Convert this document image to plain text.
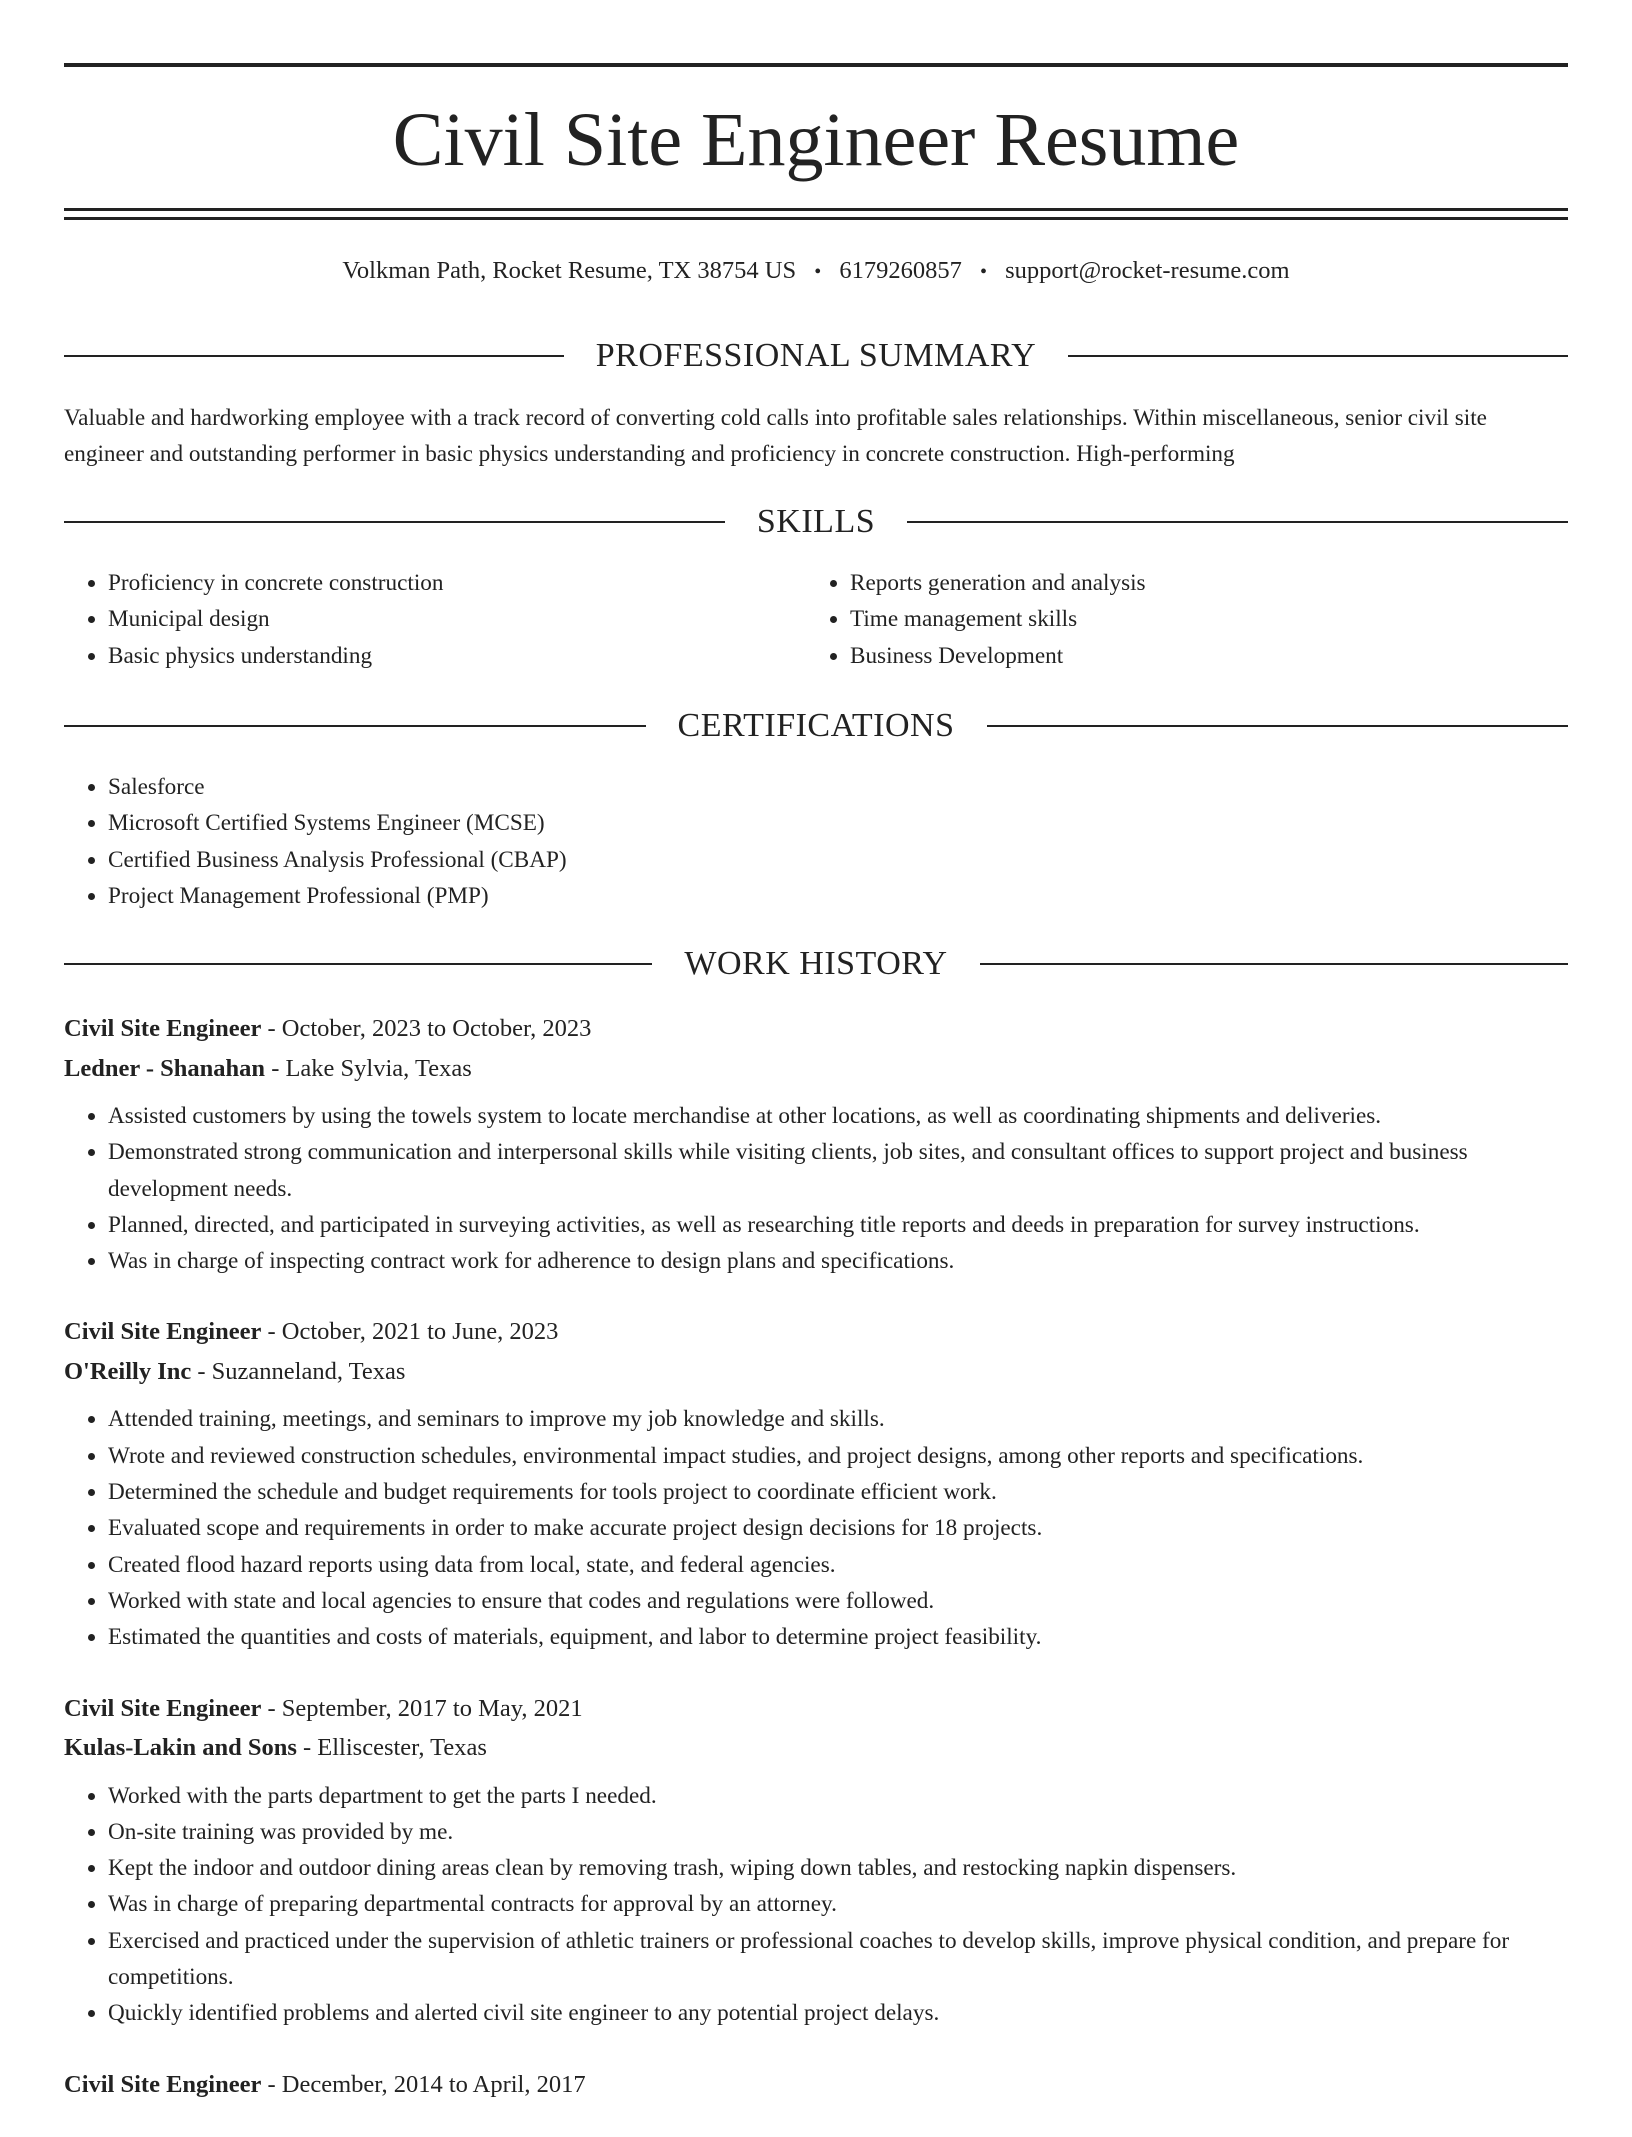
Civil Site Engineer Resume
Volkman Path, Rocket Resume, TX 38754 US • 6179260857 • support@rocket-resume.com
PROFESSIONAL SUMMARY

Valuable and hardworking employee with a track record of converting cold calls into profitable sales relationships. Within miscellaneous, senior civil site engineer and outstanding performer in basic physics understanding and proficiency in concrete construction. High-performing

SKILLS
• Proficiency in concrete construction
• Municipal design
• Basic physics understanding
• Reports generation and analysis
• Time management skills
• Business Development
CERTIFICATIONS
• Salesforce
• Microsoft Certified Systems Engineer (MCSE)
• Certified Business Analysis Professional (CBAP)
• Project Management Professional (PMP)
WORK HISTORY
Civil Site Engineer - October, 2023 to October, 2023
Ledner - Shanahan - Lake Sylvia, Texas
• Assisted customers by using the towels system to locate merchandise at other locations, as well as coordinating shipments and deliveries.
• Demonstrated strong communication and interpersonal skills while visiting clients, job sites, and consultant offices to support project and business development needs.
• Planned, directed, and participated in surveying activities, as well as researching title reports and deeds in preparation for survey instructions.
• Was in charge of inspecting contract work for adherence to design plans and specifications.
Civil Site Engineer - October, 2021 to June, 2023
O'Reilly Inc - Suzanneland, Texas
• Attended training, meetings, and seminars to improve my job knowledge and skills.
• Wrote and reviewed construction schedules, environmental impact studies, and project designs, among other reports and specifications.
• Determined the schedule and budget requirements for tools project to coordinate efficient work.
• Evaluated scope and requirements in order to make accurate project design decisions for 18 projects.
• Created flood hazard reports using data from local, state, and federal agencies.
• Worked with state and local agencies to ensure that codes and regulations were followed.
• Estimated the quantities and costs of materials, equipment, and labor to determine project feasibility.
Civil Site Engineer - September, 2017 to May, 2021
Kulas-Lakin and Sons - Elliscester, Texas
• Worked with the parts department to get the parts I needed.
• On-site training was provided by me.
• Kept the indoor and outdoor dining areas clean by removing trash, wiping down tables, and restocking napkin dispensers.
• Was in charge of preparing departmental contracts for approval by an attorney.
• Exercised and practiced under the supervision of athletic trainers or professional coaches to develop skills, improve physical condition, and prepare for competitions.
• Quickly identified problems and alerted civil site engineer to any potential project delays.
Civil Site Engineer - December, 2014 to April, 2017
